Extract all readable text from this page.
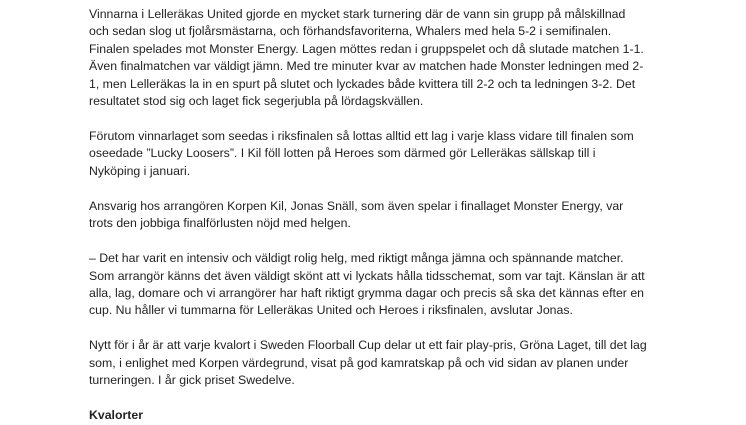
Vinnarna i Lelleräkas United gjorde en mycket stark turnering där de vann sin grupp på målskillnad
och sedan slog ut fjolårsmästarna, och förhandsfavoriterna, Whalers med hela 5-2 i semifinalen.
Finalen spelades mot Monster Energy. Lagen möttes redan i gruppspelet och då slutade matchen 1-1.
Även finalmatchen var väldigt jämn. Med tre minuter kvar av matchen hade Monster ledningen med 2-
1, men Lelleräkas la in en spurt på slutet och lyckades både kvittera till 2-2 och ta ledningen 3-2. Det
resultatet stod sig och laget fick segerjubla på lördagskvällen.

Förutom vinnarlaget som seedas i riksfinalen så lottas alltid ett lag i varje klass vidare till finalen som
oseedade ”Lucky Loosers”. I Kil föll lotten på Heroes som därmed gör Lelleräkas sällskap till i
Nyköping i januari.

Ansvarig hos arrangören Korpen Kil, Jonas Snäll, som även spelar i finallaget Monster Energy, var
trots den jobbiga finalförlusten nöjd med helgen.

– Det har varit en intensiv och väldigt rolig helg, med riktigt många jämna och spännande matcher.
Som arrangör känns det även väldigt skönt att vi lyckats hålla tidsschemat, som var tajt. Känslan är att
alla, lag, domare och vi arrangörer har haft riktigt grymma dagar och precis så ska det kännas efter en
cup. Nu håller vi tummarna för Lelleräkas United och Heroes i riksfinalen, avslutar Jonas.

Nytt för i år är att varje kvalort i Sweden Floorball Cup delar ut ett fair play-pris, Gröna Laget, till det lag
som, i enlighet med Korpen värdegrund, visat på god kamratskap på och vid sidan av planen under
turneringen. I år gick priset Swedelve.

Kvalorter
